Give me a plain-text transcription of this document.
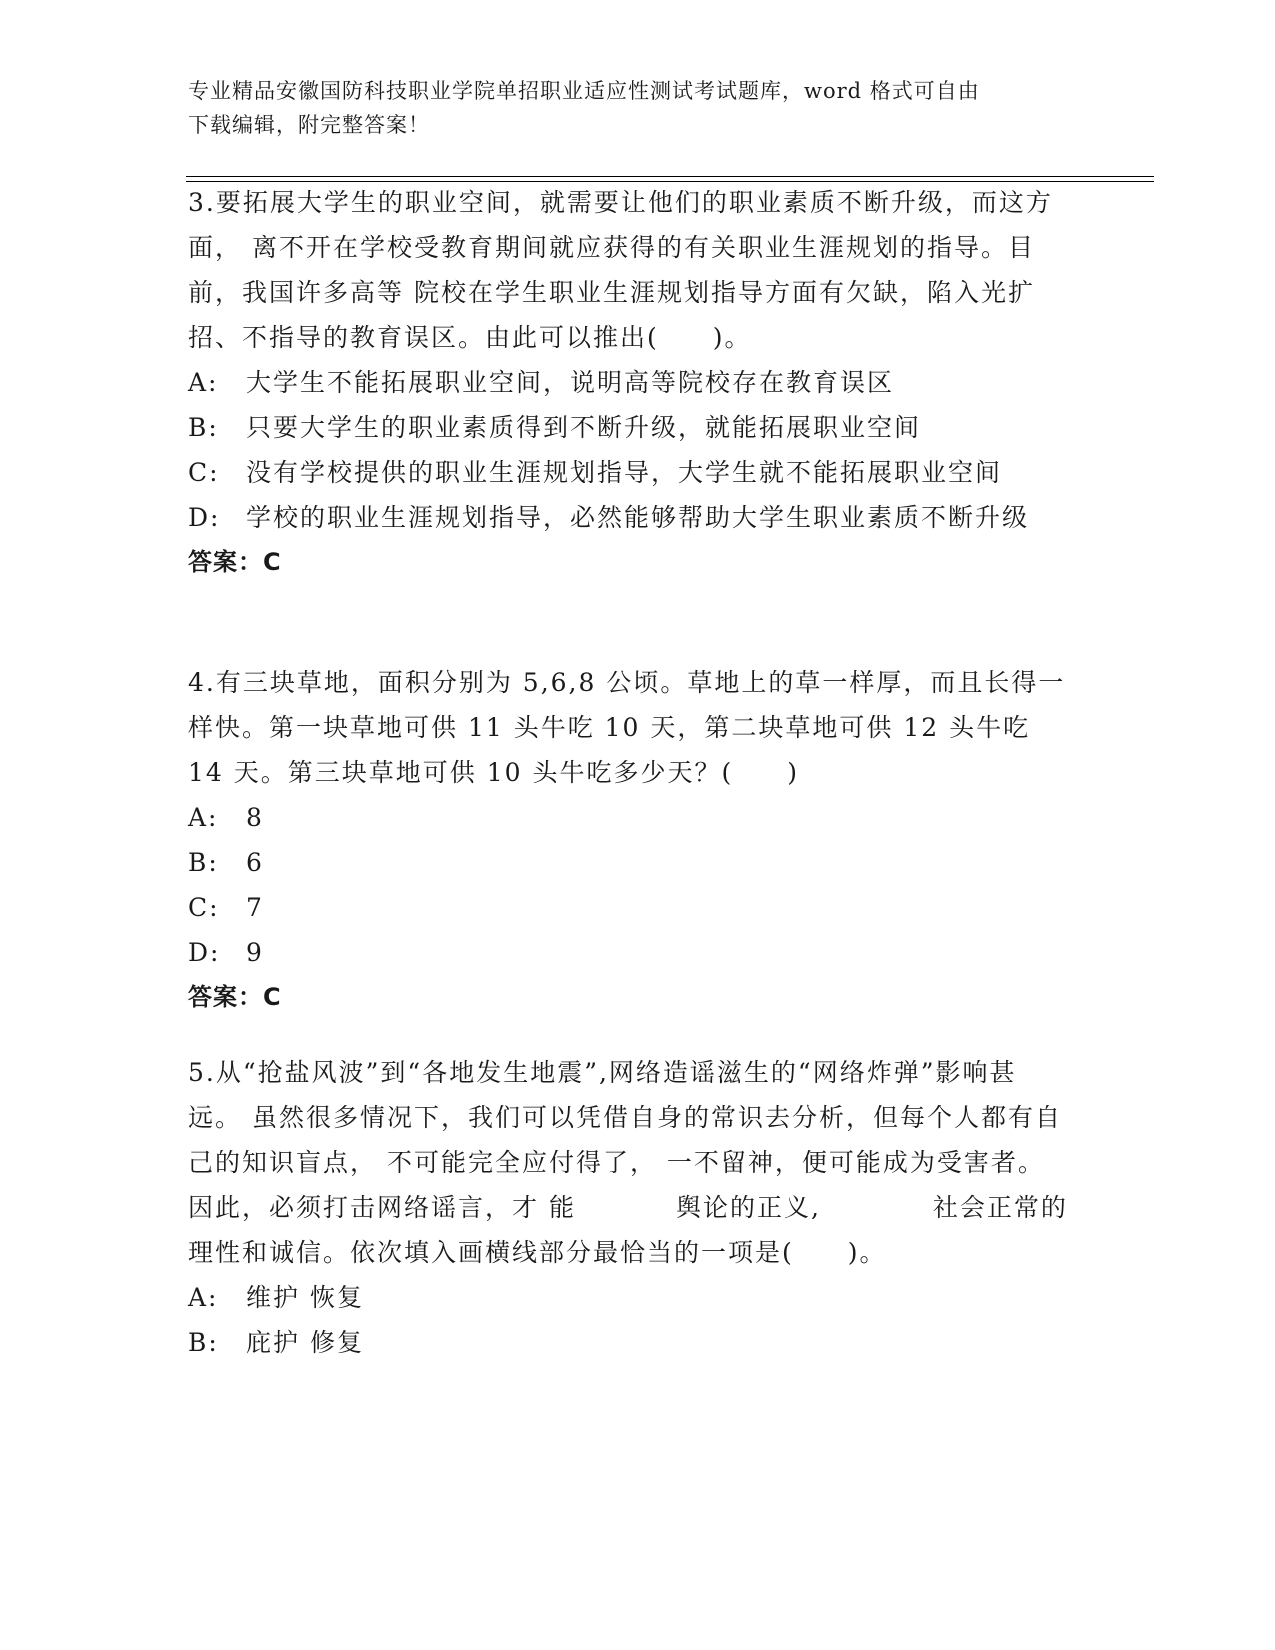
专业精品安徽国防科技职业学院单招职业适应性测试考试题库，word 格式可自由
下载编辑，附完整答案！
3.要拓展大学生的职业空间，就需要让他们的职业素质不断升级，而这方面， 离不开在学校受教育期间就应获得的有关职业生涯规划的指导。目前，我国许多高等 院校在学生职业生涯规划指导方面有欠缺，陷入光扩招、不指导的教育误区。由此可以推出(　　)。
A:	大学生不能拓展职业空间，说明高等院校存在教育误区
B:	只要大学生的职业素质得到不断升级，就能拓展职业空间
C:	没有学校提供的职业生涯规划指导，大学生就不能拓展职业空间
D:	学校的职业生涯规划指导，必然能够帮助大学生职业素质不断升级
答案：C
4.有三块草地，面积分别为 5,6,8 公顷。草地上的草一样厚，而且长得一样快。第一块草地可供 11 头牛吃 10 天，第二块草地可供 12 头牛吃 14 天。第三块草地可供 10 头牛吃多少天？(　　)
A:	8
B:	6
C:	7
D:	9
答案：C
5.从“抢盐风波”到“各地发生地震”,网络造谣滋生的“网络炸弹”影响甚远。 虽然很多情况下，我们可以凭借自身的常识去分析，但每个人都有自己的知识盲点， 不可能完全应付得了， 一不留神，便可能成为受害者。因此，必须打击网络谣言，才 能	舆论的正义,	社会正常的理性和诚信。依次填入画横线部分最恰当的一项是(　　)。
A:	维护 恢复
B:	庇护 修复
